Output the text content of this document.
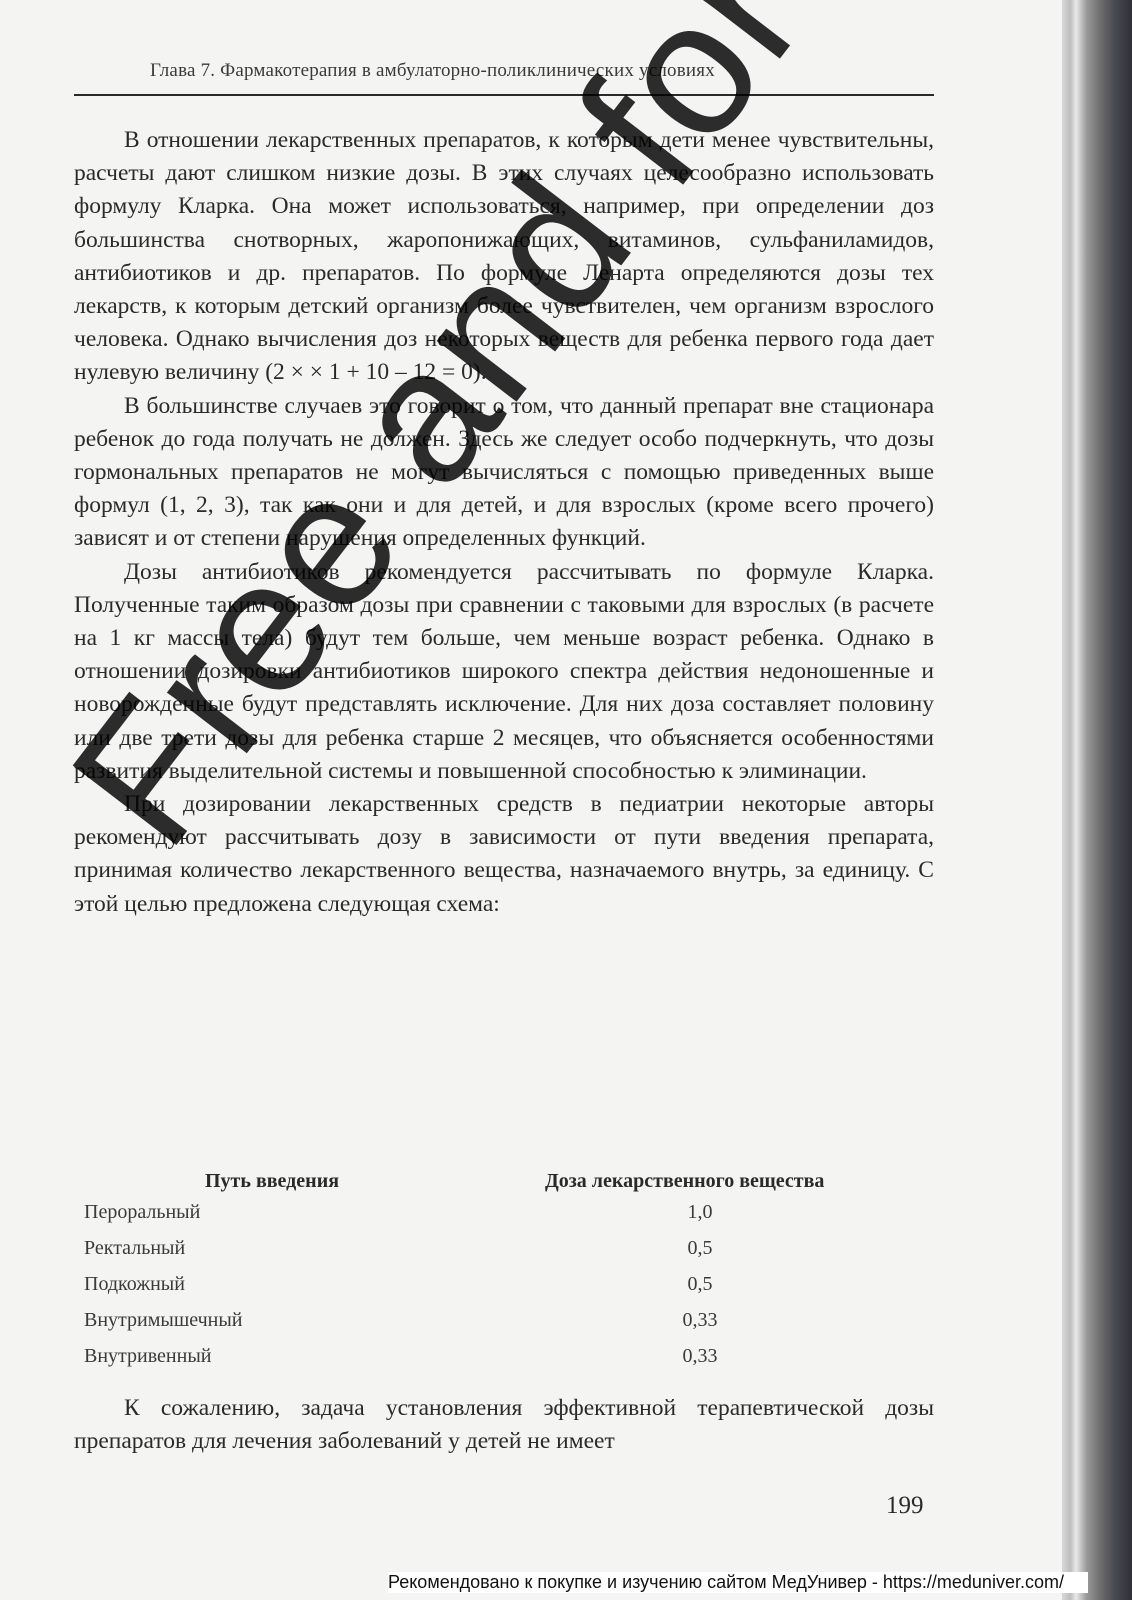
Глава 7. Фармакотерапия в амбулаторно-поликлинических условиях

В отношении лекарственных препаратов, к которым дети менее чувствительны, расчеты дают слишком низкие дозы. В этих случаях целесообразно использовать формулу Кларка. Она может использоваться, например, при определении доз большинства снотворных, жаропонижающих, витаминов, сульфаниламидов, антибиотиков и др. препаратов. По формуле Ленарта определяются дозы тех лекарств, к которым детский организм более чувствителен, чем организм взрослого человека. Однако вычисления доз некоторых веществ для ребенка первого года дает нулевую величину (2 × × 1 + 10 – 12 = 0).

В большинстве случаев это говорит о том, что данный препарат вне стационара ребенок до года получать не должен. Здесь же следует особо подчеркнуть, что дозы гормональных препаратов не могут вычисляться с помощью приведенных выше формул (1, 2, 3), так как они и для детей, и для взрослых (кроме всего прочего) зависят и от степени нарушения определенных функций.

Дозы антибиотиков рекомендуется рассчитывать по формуле Кларка. Полученные таким образом дозы при сравнении с таковыми для взрослых (в расчете на 1 кг массы тела) будут тем больше, чем меньше возраст ребенка. Однако в отношении дозировки антибиотиков широкого спектра действия недоношенные и новорожденные будут представлять исключение. Для них доза составляет половину или две трети дозы для ребенка старше 2 месяцев, что объясняется особенностями развития выделительной системы и повышенной способностью к элиминации.

При дозировании лекарственных средств в педиатрии некоторые авторы рекомендуют рассчитывать дозу в зависимости от пути введения препарата, принимая количество лекарственного вещества, назначаемого внутрь, за единицу. С этой целью предложена следующая схема:

Путь введения	Доза лекарственного вещества
Пероральный	1,0
Ректальный	0,5
Подкожный	0,5
Внутримышечный	0,33
Внутривенный	0,33

К сожалению, задача установления эффективной терапевтической дозы препаратов для лечения заболеваний у детей не имеет

199
Free and for
Рекомендовано к покупке и изучению сайтом МедУнивер - https://meduniver.com/
